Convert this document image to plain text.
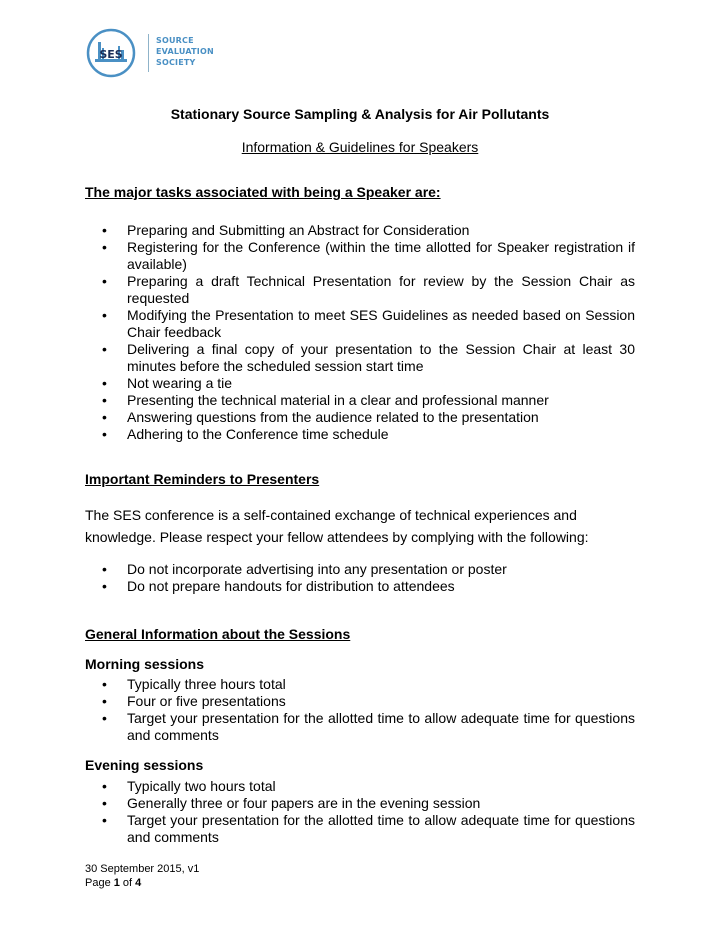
SES
SOURCE
EVALUATION
SOCIETY
Stationary Source Sampling & Analysis for Air Pollutants
Information & Guidelines for Speakers
The major tasks associated with being a Speaker are:
• Preparing and Submitting an Abstract for Consideration
• Registering for the Conference (within the time allotted for Speaker registration if available)
• Preparing a draft Technical Presentation for review by the Session Chair as requested
• Modifying the Presentation to meet SES Guidelines as needed based on Session Chair feedback
• Delivering a final copy of your presentation to the Session Chair at least 30 minutes before the scheduled session start time
• Not wearing a tie
• Presenting the technical material in a clear and professional manner
• Answering questions from the audience related to the presentation
• Adhering to the Conference time schedule
Important Reminders to Presenters
The SES conference is a self-contained exchange of technical experiences and
knowledge. Please respect your fellow attendees by complying with the following:
• Do not incorporate advertising into any presentation or poster
• Do not prepare handouts for distribution to attendees
General Information about the Sessions
Morning sessions
• Typically three hours total
• Four or five presentations
• Target your presentation for the allotted time to allow adequate time for questions and comments
Evening sessions
• Typically two hours total
• Generally three or four papers are in the evening session
• Target your presentation for the allotted time to allow adequate time for questions and comments
30 September 2015, v1
Page 1 of 4
